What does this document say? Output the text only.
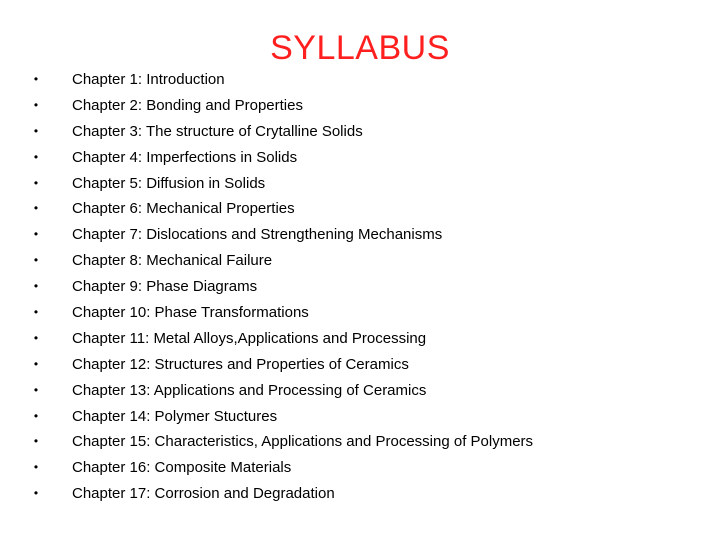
SYLLABUS
• Chapter 1: Introduction
• Chapter 2: Bonding and Properties
• Chapter 3: The structure of Crytalline Solids
• Chapter 4: Imperfections in Solids
• Chapter 5: Diffusion in Solids
• Chapter 6: Mechanical Properties
• Chapter 7: Dislocations and Strengthening Mechanisms
• Chapter 8: Mechanical Failure
• Chapter 9: Phase Diagrams
• Chapter 10: Phase Transformations
• Chapter 11: Metal Alloys,Applications and Processing
• Chapter 12: Structures and Properties of Ceramics
• Chapter 13: Applications and Processing of Ceramics
• Chapter 14: Polymer Stuctures
• Chapter 15: Characteristics, Applications and Processing of Polymers
• Chapter 16: Composite Materials
• Chapter 17: Corrosion and Degradation
